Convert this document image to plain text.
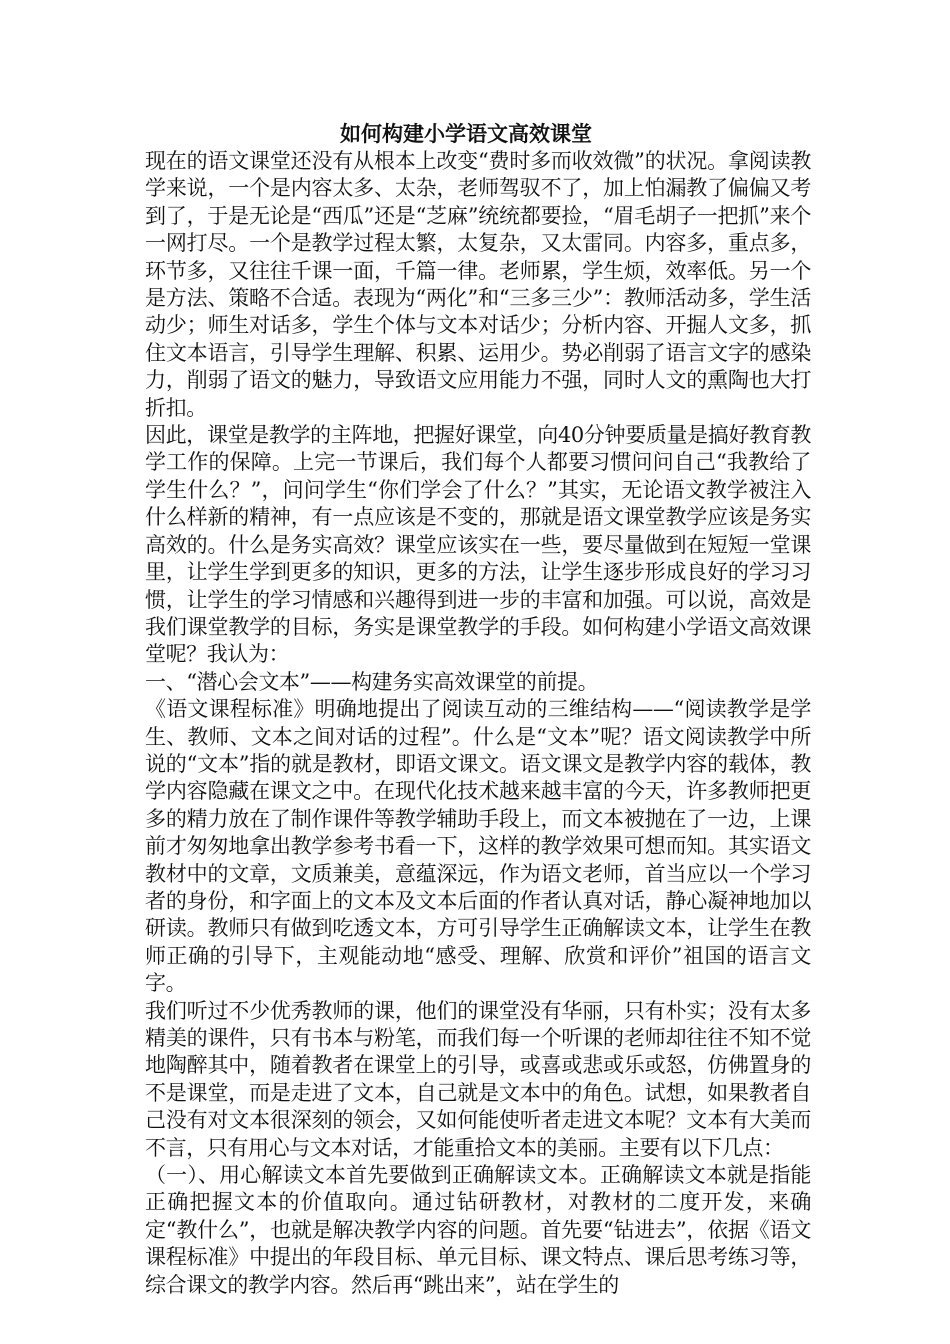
如何构建小学语文高效课堂

现在的语文课堂还没有从根本上改变“费时多而收效微”的状况。拿阅读教学来说，一个是内容太多、太杂，老师驾驭不了，加上怕漏教了偏偏又考到了，于是无论是“西瓜”还是“芝麻”统统都要捡，“眉毛胡子一把抓”来个一网打尽。一个是教学过程太繁，太复杂，又太雷同。内容多，重点多，环节多，又往往千课一面，千篇一律。老师累，学生烦，效率低。另一个是方法、策略不合适。表现为“两化”和“三多三少”：教师活动多，学生活动少；师生对话多，学生个体与文本对话少；分析内容、开掘人文多，抓住文本语言，引导学生理解、积累、运用少。势必削弱了语言文字的感染力，削弱了语文的魅力，导致语文应用能力不强，同时人文的熏陶也大打折扣。

因此，课堂是教学的主阵地，把握好课堂，向40分钟要质量是搞好教育教学工作的保障。上完一节课后，我们每个人都要习惯问问自己“我教给了学生什么？”，问问学生“你们学会了什么？”其实，无论语文教学被注入什么样新的精神，有一点应该是不变的，那就是语文课堂教学应该是务实高效的。什么是务实高效？课堂应该实在一些，要尽量做到在短短一堂课里，让学生学到更多的知识，更多的方法，让学生逐步形成良好的学习习惯，让学生的学习情感和兴趣得到进一步的丰富和加强。可以说，高效是我们课堂教学的目标，务实是课堂教学的手段。如何构建小学语文高效课堂呢？我认为：

一、“潜心会文本”——构建务实高效课堂的前提。

《语文课程标准》明确地提出了阅读互动的三维结构——“阅读教学是学生、教师、文本之间对话的过程”。什么是“文本”呢？语文阅读教学中所说的“文本”指的就是教材，即语文课文。语文课文是教学内容的载体，教学内容隐藏在课文之中。在现代化技术越来越丰富的今天，许多教师把更多的精力放在了制作课件等教学辅助手段上，而文本被抛在了一边，上课前才匆匆地拿出教学参考书看一下，这样的教学效果可想而知。其实语文教材中的文章，文质兼美，意蕴深远，作为语文老师，首当应以一个学习者的身份，和字面上的文本及文本后面的作者认真对话，静心凝神地加以研读。教师只有做到吃透文本，方可引导学生正确解读文本，让学生在教师正确的引导下，主观能动地“感受、理解、欣赏和评价”祖国的语言文字。

我们听过不少优秀教师的课，他们的课堂没有华丽，只有朴实；没有太多精美的课件，只有书本与粉笔，而我们每一个听课的老师却往往不知不觉地陶醉其中，随着教者在课堂上的引导，或喜或悲或乐或怒，仿佛置身的不是课堂，而是走进了文本，自己就是文本中的角色。试想，如果教者自己没有对文本很深刻的领会，又如何能使听者走进文本呢？文本有大美而不言，只有用心与文本对话，才能重拾文本的美丽。主要有以下几点：

（一）、用心解读文本首先要做到正确解读文本。正确解读文本就是指能正确把握文本的价值取向。通过钻研教材，对教材的二度开发，来确定“教什么”，也就是解决教学内容的问题。首先要“钻进去”，依据《语文课程标准》中提出的年段目标、单元目标、课文特点、课后思考练习等，综合课文的教学内容。然后再“跳出来”，站在学生的
